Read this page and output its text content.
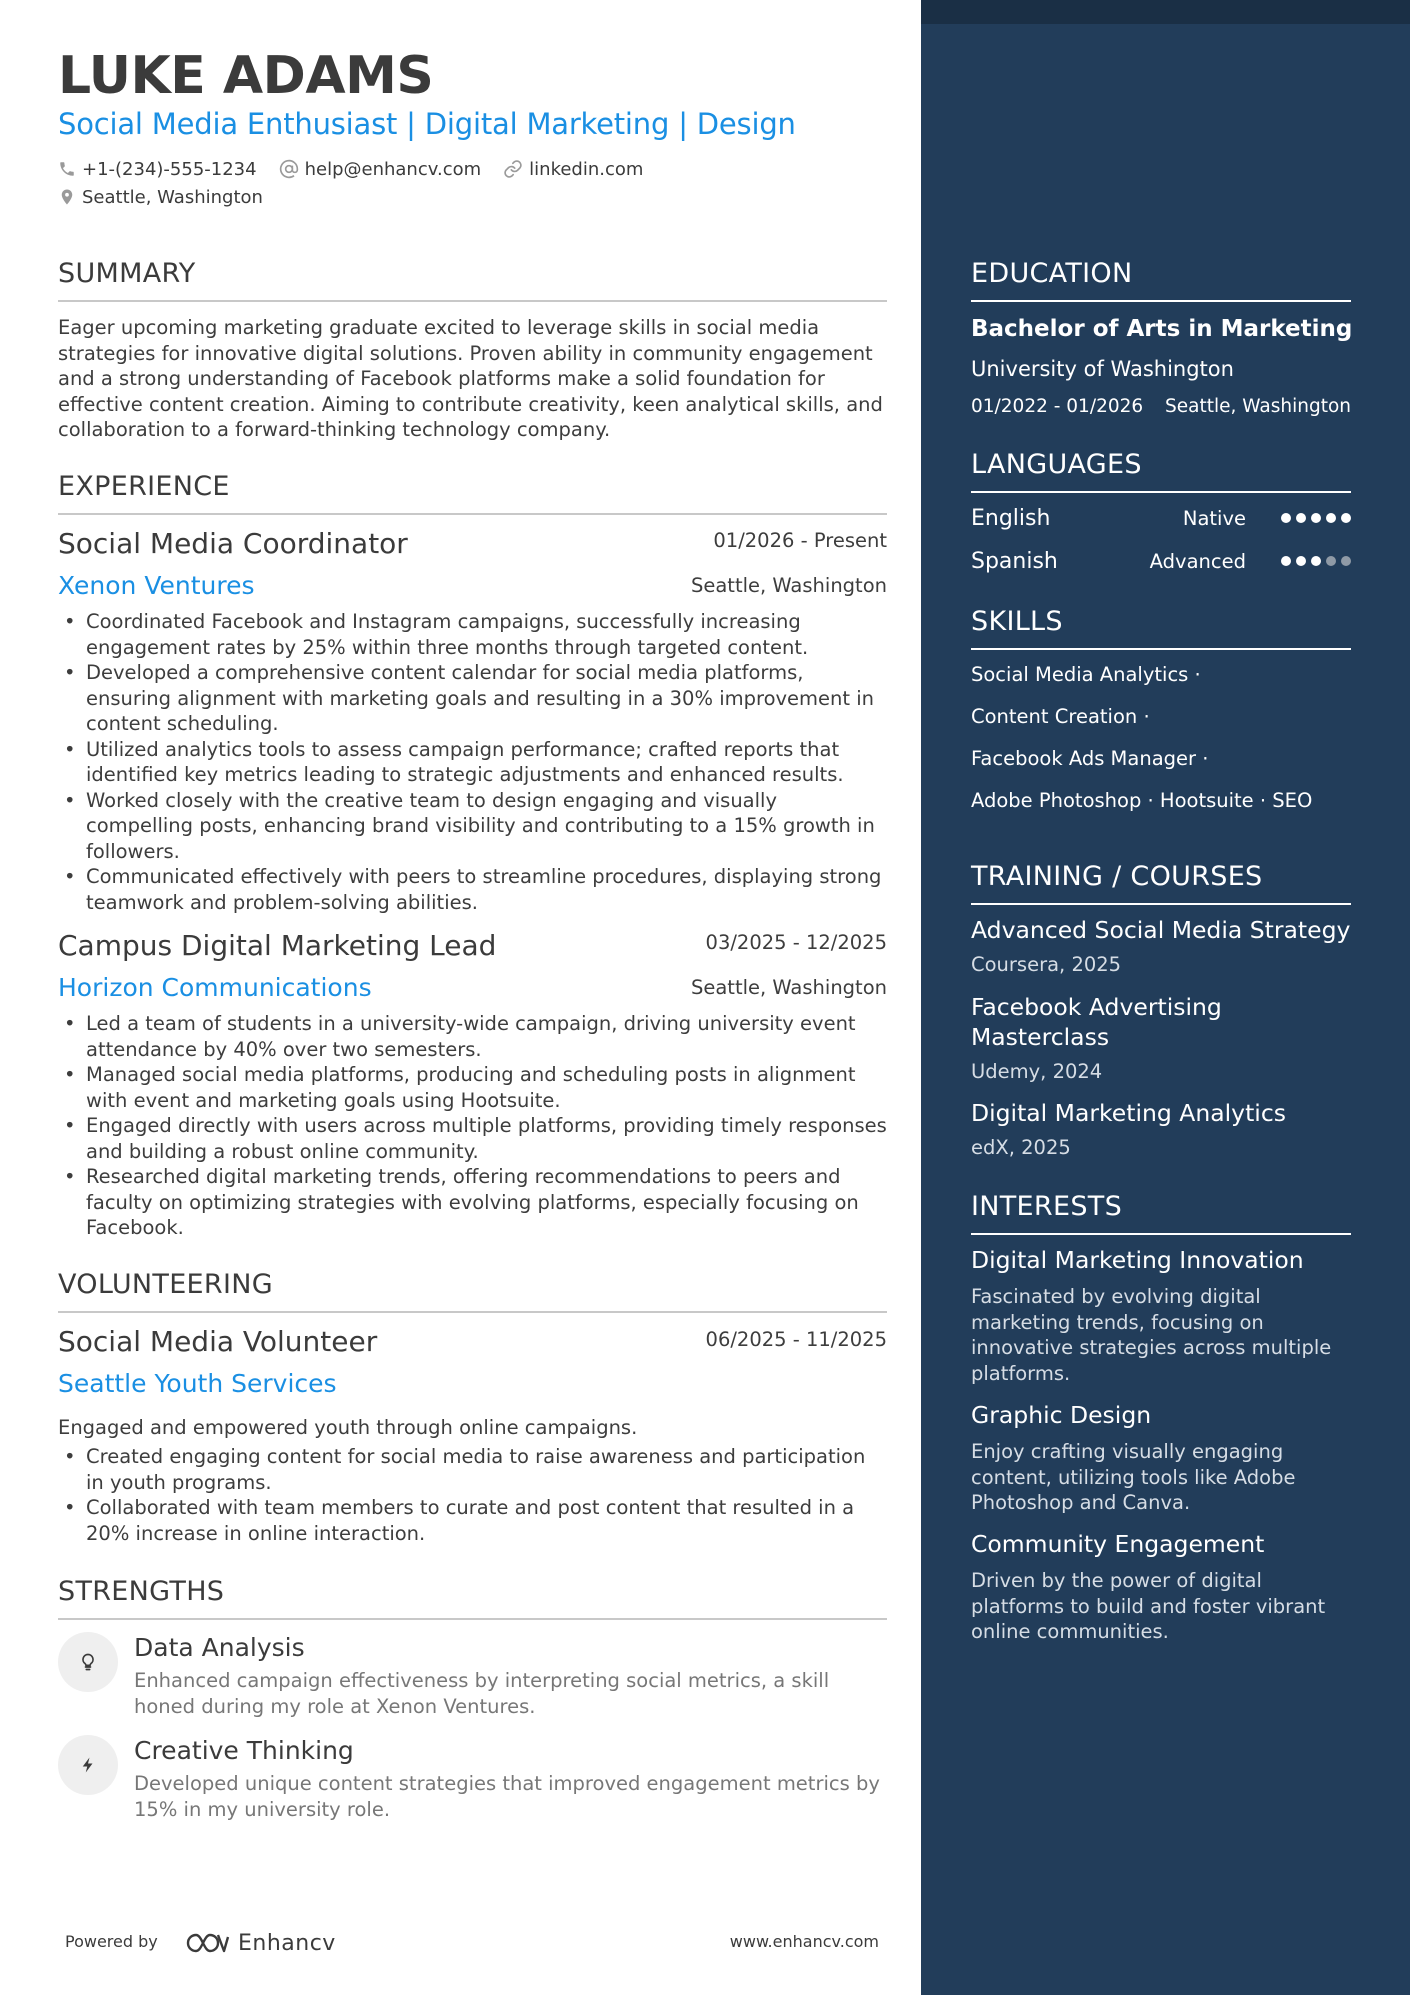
LUKE ADAMS
Social Media Enthusiast | Digital Marketing | Design
+1-(234)-555-1234	help@enhancv.com	linkedin.com
Seattle, Washington
SUMMARY

Eager upcoming marketing graduate excited to leverage skills in social media strategies for innovative digital solutions. Proven ability in community engagement and a strong understanding of Facebook platforms make a solid foundation for effective content creation. Aiming to contribute creativity, keen analytical skills, and collaboration to a forward-thinking technology company.

EXPERIENCE
Social Media Coordinator	01/2026 - Present
Xenon Ventures	Seattle, Washington
• Coordinated Facebook and Instagram campaigns, successfully increasing engagement rates by 25% within three months through targeted content.
• Developed a comprehensive content calendar for social media platforms, ensuring alignment with marketing goals and resulting in a 30% improvement in content scheduling.
• Utilized analytics tools to assess campaign performance; crafted reports that identified key metrics leading to strategic adjustments and enhanced results.
• Worked closely with the creative team to design engaging and visually compelling posts, enhancing brand visibility and contributing to a 15% growth in followers.
• Communicated effectively with peers to streamline procedures, displaying strong teamwork and problem-solving abilities.
Campus Digital Marketing Lead	03/2025 - 12/2025
Horizon Communications	Seattle, Washington
• Led a team of students in a university-wide campaign, driving university event attendance by 40% over two semesters.
• Managed social media platforms, producing and scheduling posts in alignment with event and marketing goals using Hootsuite.
• Engaged directly with users across multiple platforms, providing timely responses and building a robust online community.
• Researched digital marketing trends, offering recommendations to peers and faculty on optimizing strategies with evolving platforms, especially focusing on Facebook.
VOLUNTEERING
Social Media Volunteer	06/2025 - 11/2025
Seattle Youth Services

Engaged and empowered youth through online campaigns.

• Created engaging content for social media to raise awareness and participation in youth programs.
• Collaborated with team members to curate and post content that resulted in a 20% increase in online interaction.
STRENGTHS
Data Analysis

Enhanced campaign effectiveness by interpreting social metrics, a skill honed during my role at Xenon Ventures.

Creative Thinking

Developed unique content strategies that improved engagement metrics by 15% in my university role.

Powered by	Enhancv	www.enhancv.com
EDUCATION
Bachelor of Arts in Marketing
University of Washington
01/2022 - 01/2026 Seattle, Washington
LANGUAGES
English	Native
Spanish	Advanced
SKILLS
Social Media Analytics ·
Content Creation ·
Facebook Ads Manager ·
Adobe Photoshop · Hootsuite · SEO
TRAINING / COURSES
Advanced Social Media Strategy
Coursera, 2025
Facebook Advertising Masterclass
Udemy, 2024
Digital Marketing Analytics
edX, 2025
INTERESTS
Digital Marketing Innovation

Fascinated by evolving digital marketing trends, focusing on innovative strategies across multiple platforms.

Graphic Design

Enjoy crafting visually engaging content, utilizing tools like Adobe Photoshop and Canva.

Community Engagement

Driven by the power of digital platforms to build and foster vibrant online communities.
